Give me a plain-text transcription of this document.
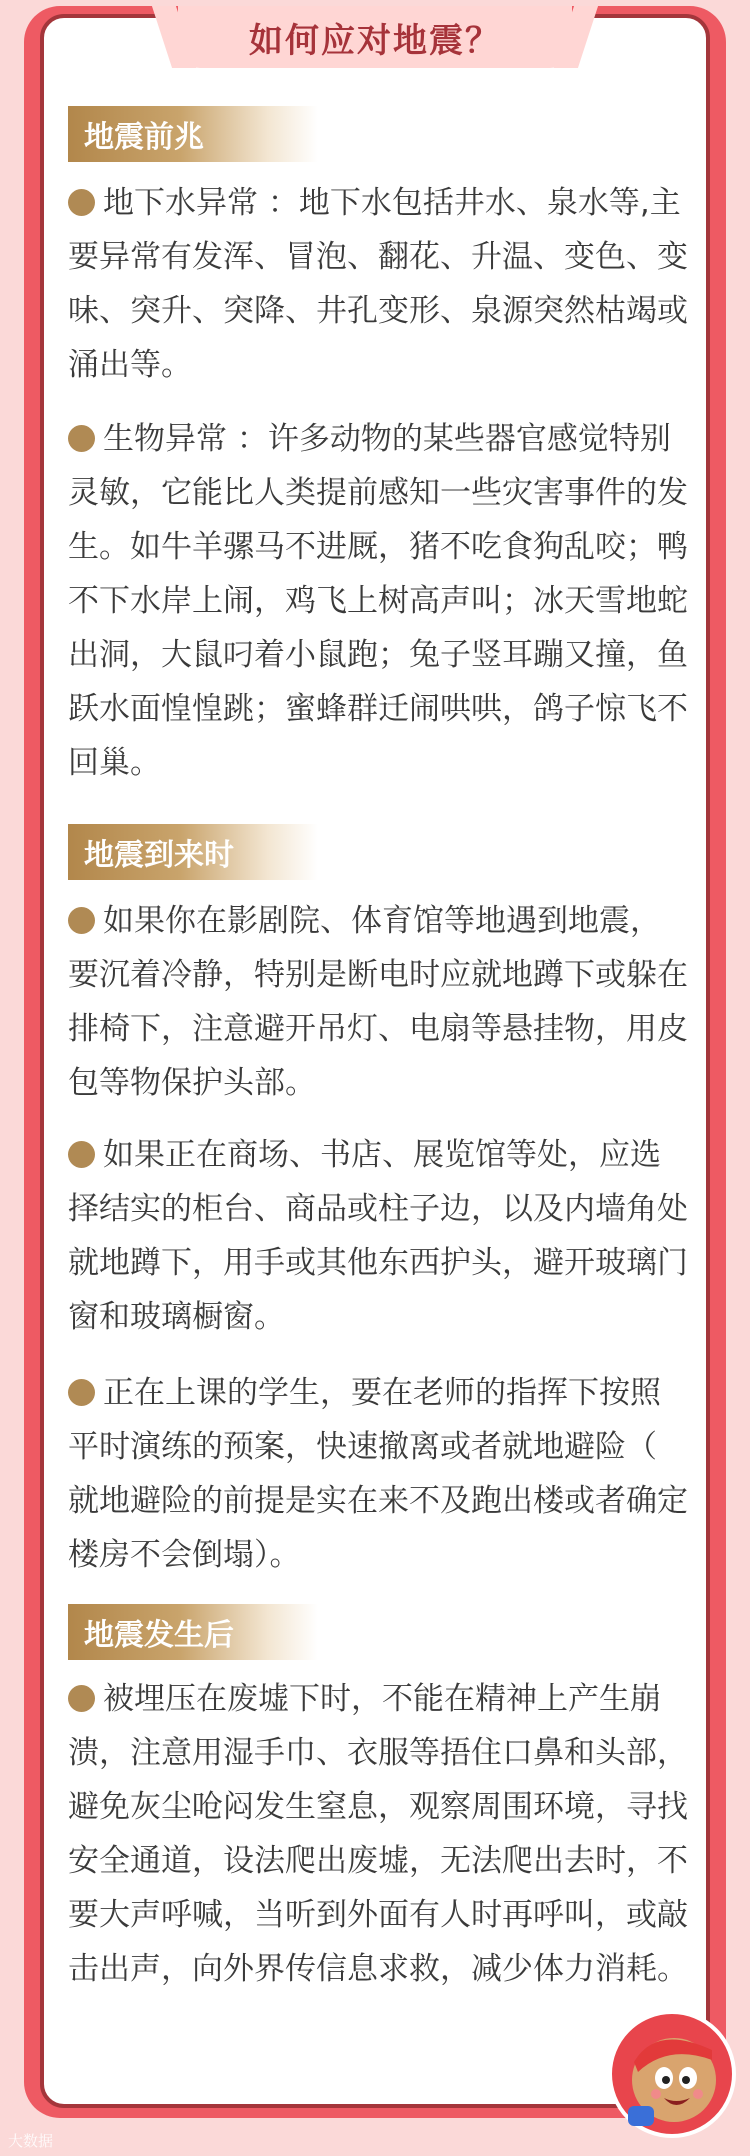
如何应对地震？
地震前兆
地下水异常 ：地下水包括井水、泉水等,主要异常有发浑、冒泡、翻花、升温、变色、变味、突升、突降、井孔变形、泉源突然枯竭或涌出等。
生物异常 ：许多动物的某些器官感觉特别灵敏，它能比人类提前感知一些灾害事件的发生。如牛羊骡马不进厩，猪不吃食狗乱咬；鸭不下水岸上闹，鸡飞上树高声叫；冰天雪地蛇出洞，大鼠叼着小鼠跑；兔子竖耳蹦又撞，鱼跃水面惶惶跳；蜜蜂群迁闹哄哄，鸽子惊飞不回巢。
地震到来时
如果你在影剧院、体育馆等地遇到地震，要沉着冷静，特别是断电时应就地蹲下或躲在排椅下，注意避开吊灯、电扇等悬挂物，用皮包等物保护头部。
如果正在商场、书店、展览馆等处，应选择结实的柜台、商品或柱子边，以及内墙角处就地蹲下，用手或其他东西护头，避开玻璃门窗和玻璃橱窗。
正在上课的学生，要在老师的指挥下按照平时演练的预案，快速撤离或者就地避险（ 就地避险的前提是实在来不及跑出楼或者确定楼房不会倒塌）。
地震发生后
被埋压在废墟下时，不能在精神上产生崩溃，注意用湿手巾、衣服等捂住口鼻和头部，避免灰尘呛闷发生窒息，观察周围环境，寻找安全通道，设法爬出废墟，无法爬出去时，不要大声呼喊，当听到外面有人时再呼叫，或敲击出声，向外界传信息求救，减少体力消耗。
大数据
